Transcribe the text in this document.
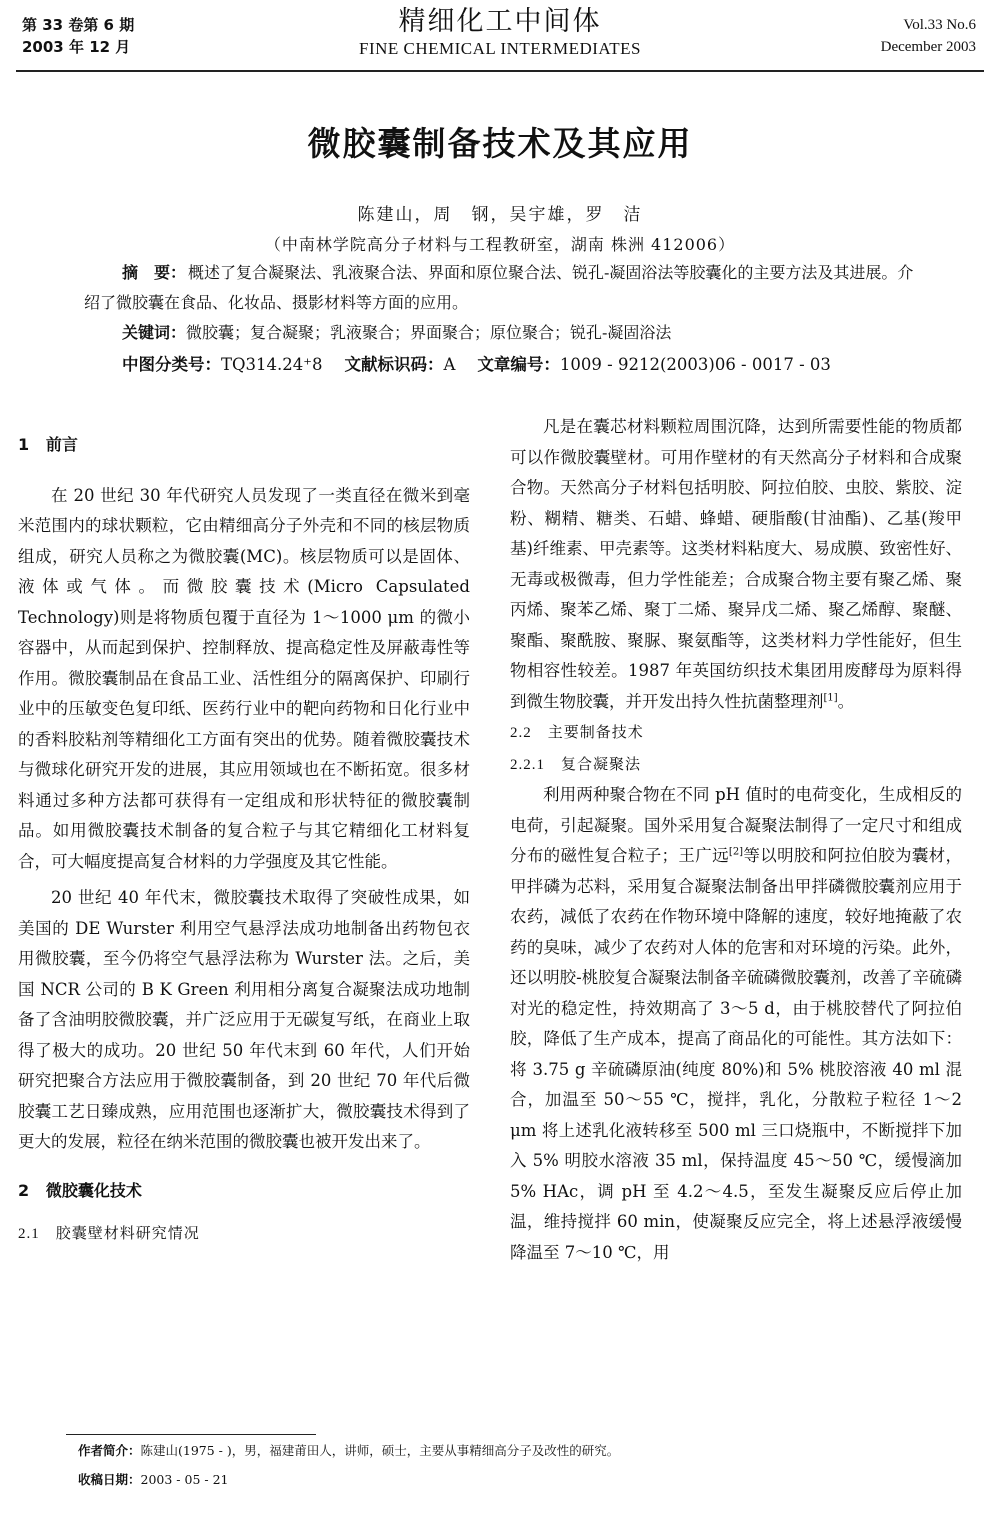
第 33 卷第 6 期
2003 年 12 月
精细化工中间体
FINE CHEMICAL INTERMEDIATES
Vol.33 No.6
December 2003
微胶囊制备技术及其应用
陈建山，周　钢，吴宇雄，罗　洁
（中南林学院高分子材料与工程教研室，湖南 株洲 412006）
摘　要： 概述了复合凝聚法、乳液聚合法、界面和原位聚合法、锐孔-凝固浴法等胶囊化的主要方法及其进展。介绍了微胶囊在食品、化妆品、摄影材料等方面的应用。
关键词：微胶囊；复合凝聚；乳液聚合；界面聚合；原位聚合；锐孔-凝固浴法
中图分类号：TQ314.24⁺8 文献标识码：A 文章编号：1009 - 9212(2003)06 - 0017 - 03
1 前言

在 20 世纪 30 年代研究人员发现了一类直径在微米到毫米范围内的球状颗粒，它由精细高分子外壳和不同的核层物质组成，研究人员称之为微胶囊(MC)。核层物质可以是固体、液体或气体。而微胶囊技术(Micro Capsulated Technology)则是将物质包覆于直径为 1～1000 μm 的微小容器中，从而起到保护、控制释放、提高稳定性及屏蔽毒性等作用。微胶囊制品在食品工业、活性组分的隔离保护、印刷行业中的压敏变色复印纸、医药行业中的靶向药物和日化行业中的香料胶粘剂等精细化工方面有突出的优势。随着微胶囊技术与微球化研究开发的进展，其应用领域也在不断拓宽。很多材料通过多种方法都可获得有一定组成和形状特征的微胶囊制品。如用微胶囊技术制备的复合粒子与其它精细化工材料复合，可大幅度提高复合材料的力学强度及其它性能。

20 世纪 40 年代末，微胶囊技术取得了突破性成果，如美国的 DE Wurster 利用空气悬浮法成功地制备出药物包衣用微胶囊，至今仍将空气悬浮法称为 Wurster 法。之后，美国 NCR 公司的 B K Green 利用相分离复合凝聚法成功地制备了含油明胶微胶囊，并广泛应用于无碳复写纸，在商业上取得了极大的成功。20 世纪 50 年代末到 60 年代，人们开始研究把聚合方法应用于微胶囊制备，到 20 世纪 70 年代后微胶囊工艺日臻成熟，应用范围也逐渐扩大，微胶囊技术得到了更大的发展，粒径在纳米范围的微胶囊也被开发出来了。

2 微胶囊化技术
2.1 胶囊壁材料研究情况

凡是在囊芯材料颗粒周围沉降，达到所需要性能的物质都可以作微胶囊壁材。可用作壁材的有天然高分子材料和合成聚合物。天然高分子材料包括明胶、阿拉伯胶、虫胶、紫胶、淀粉、糊精、糖类、石蜡、蜂蜡、硬脂酸(甘油酯)、乙基(羧甲基)纤维素、甲壳素等。这类材料粘度大、易成膜、致密性好、无毒或极微毒，但力学性能差；合成聚合物主要有聚乙烯、聚丙烯、聚苯乙烯、聚丁二烯、聚异戊二烯、聚乙烯醇、聚醚、聚酯、聚酰胺、聚脲、聚氨酯等，这类材料力学性能好，但生物相容性较差。1987 年英国纺织技术集团用废酵母为原料得到微生物胶囊，并开发出持久性抗菌整理剂[1]。

2.2 主要制备技术
2.2.1 复合凝聚法

利用两种聚合物在不同 pH 值时的电荷变化，生成相反的电荷，引起凝聚。国外采用复合凝聚法制得了一定尺寸和组成分布的磁性复合粒子；王广远[2]等以明胶和阿拉伯胶为囊材，甲拌磷为芯料，采用复合凝聚法制备出甲拌磷微胶囊剂应用于农药，减低了农药在作物环境中降解的速度，较好地掩蔽了农药的臭味，减少了农药对人体的危害和对环境的污染。此外，还以明胶-桃胶复合凝聚法制备辛硫磷微胶囊剂，改善了辛硫磷对光的稳定性，持效期高了 3～5 d，由于桃胶替代了阿拉伯胶，降低了生产成本，提高了商品化的可能性。其方法如下：将 3.75 g 辛硫磷原油(纯度 80%)和 5% 桃胶溶液 40 ml 混合，加温至 50～55 ℃，搅拌，乳化，分散粒子粒径 1～2 μm 将上述乳化液转移至 500 ml 三口烧瓶中，不断搅拌下加入 5% 明胶水溶液 35 ml，保持温度 45～50 ℃，缓慢滴加 5% HAc，调 pH 至 4.2～4.5，至发生凝聚反应后停止加温，维持搅拌 60 min，使凝聚反应完全，将上述悬浮液缓慢降温至 7～10 ℃，用

作者简介：陈建山(1975 - )，男，福建莆田人，讲师，硕士，主要从事精细高分子及改性的研究。
收稿日期：2003 - 05 - 21
